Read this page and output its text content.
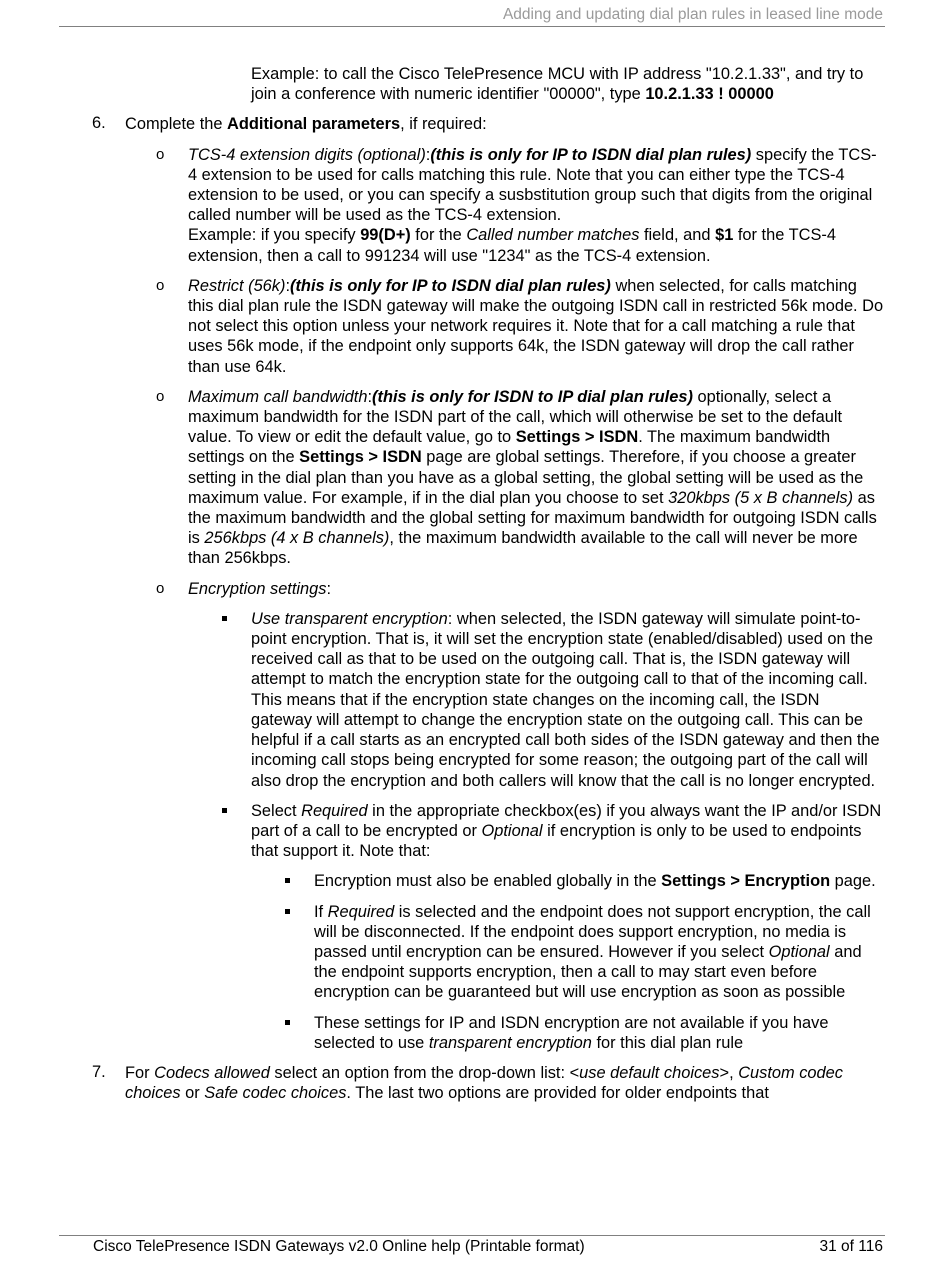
Adding and updating dial plan rules in leased line mode

Example: to call the Cisco TelePresence MCU with IP address "10.2.1.33", and try to join a conference with numeric identifier "00000", type 10.2.1.33 ! 00000

6. Complete the Additional parameters, if required:

o TCS-4 extension digits (optional):(this is only for IP to ISDN dial plan rules) specify the TCS-4 extension to be used for calls matching this rule. Note that you can either type the TCS-4 extension to be used, or you can specify a susbstitution group such that digits from the original called number will be used as the TCS-4 extension.

Example: if you specify 99(D+) for the Called number matches field, and $1 for the TCS-4 extension, then a call to 991234 will use "1234" as the TCS-4 extension.

o Restrict (56k):(this is only for IP to ISDN dial plan rules) when selected, for calls matching this dial plan rule the ISDN gateway will make the outgoing ISDN call in restricted 56k mode. Do not select this option unless your network requires it. Note that for a call matching a rule that uses 56k mode, if the endpoint only supports 64k, the ISDN gateway will drop the call rather than use 64k.

o Maximum call bandwidth:(this is only for ISDN to IP dial plan rules) optionally, select a maximum bandwidth for the ISDN part of the call, which will otherwise be set to the default value. To view or edit the default value, go to Settings > ISDN. The maximum bandwidth settings on the Settings > ISDN page are global settings. Therefore, if you choose a greater setting in the dial plan than you have as a global setting, the global setting will be used as the maximum value. For example, if in the dial plan you choose to set 320kbps (5 x B channels) as the maximum bandwidth and the global setting for maximum bandwidth for outgoing ISDN calls is 256kbps (4 x B channels), the maximum bandwidth available to the call will never be more than 256kbps.

o Encryption settings:

Use transparent encryption: when selected, the ISDN gateway will simulate point-to-point encryption. That is, it will set the encryption state (enabled/disabled) used on the received call as that to be used on the outgoing call. That is, the ISDN gateway will attempt to match the encryption state for the outgoing call to that of the incoming call. This means that if the encryption state changes on the incoming call, the ISDN gateway will attempt to change the encryption state on the outgoing call. This can be helpful if a call starts as an encrypted call both sides of the ISDN gateway and then the incoming call stops being encrypted for some reason; the outgoing part of the call will also drop the encryption and both callers will know that the call is no longer encrypted.

Select Required in the appropriate checkbox(es) if you always want the IP and/or ISDN part of a call to be encrypted or Optional if encryption is only to be used to endpoints that support it. Note that:

Encryption must also be enabled globally in the Settings > Encryption page.

If Required is selected and the endpoint does not support encryption, the call will be disconnected. If the endpoint does support encryption, no media is passed until encryption can be ensured. However if you select Optional and the endpoint supports encryption, then a call to may start even before encryption can be guaranteed but will use encryption as soon as possible

These settings for IP and ISDN encryption are not available if you have selected to use transparent encryption for this dial plan rule

7. For Codecs allowed select an option from the drop-down list: <use default choices>, Custom codec choices or Safe codec choices. The last two options are provided for older endpoints that

Cisco TelePresence ISDN Gateways v2.0 Online help (Printable format)	31 of 116
